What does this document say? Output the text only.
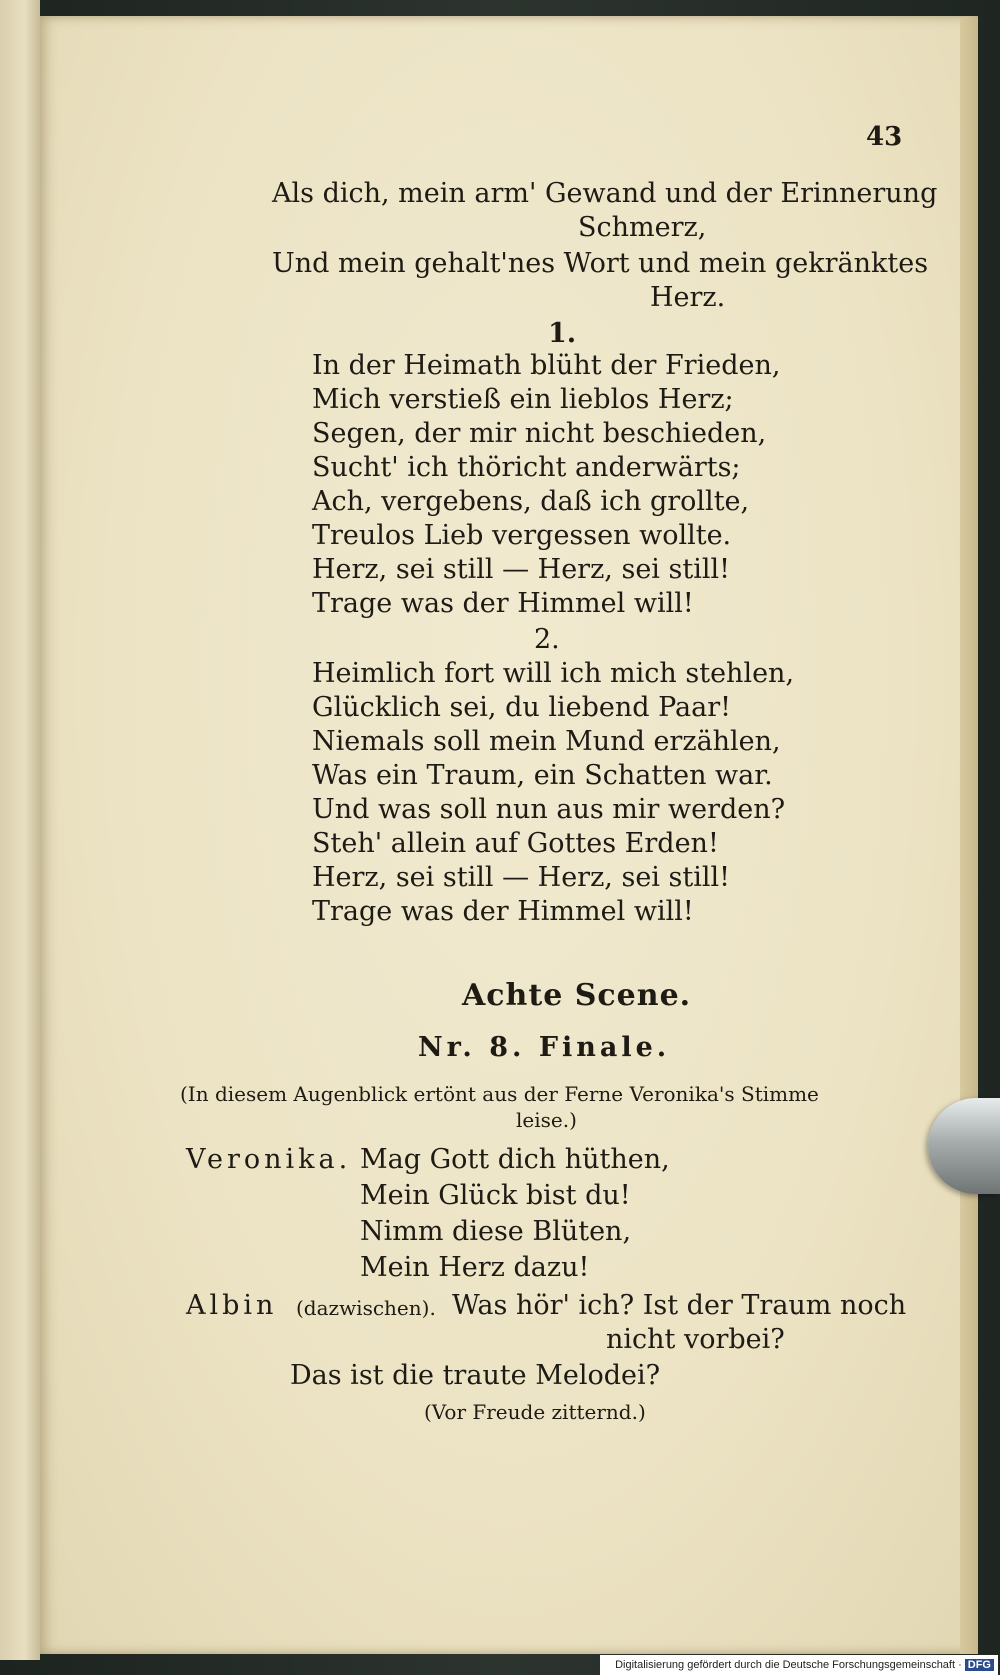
43
Als dich, mein arm' Gewand und der Erinnerung
Schmerz,
Und mein gehalt'nes Wort und mein gekränktes
Herz.
1.
In der Heimath blüht der Frieden,
Mich verstieß ein lieblos Herz;
Segen, der mir nicht beschieden,
Sucht' ich thöricht anderwärts;
Ach, vergebens, daß ich grollte,
Treulos Lieb vergessen wollte.
Herz, sei still — Herz, sei still!
Trage was der Himmel will!
2.
Heimlich fort will ich mich stehlen,
Glücklich sei, du liebend Paar!
Niemals soll mein Mund erzählen,
Was ein Traum, ein Schatten war.
Und was soll nun aus mir werden?
Steh' allein auf Gottes Erden!
Herz, sei still — Herz, sei still!
Trage was der Himmel will!
Achte Scene.
Nr. 8. Finale.
(In diesem Augenblick ertönt aus der Ferne Veronika's Stimme
leise.)
Veronika. Mag Gott dich hüthen,
Mein Glück bist du!
Nimm diese Blüten,
Mein Herz dazu!
Albin (dazwischen). Was hör' ich? Ist der Traum noch
nicht vorbei?
Das ist die traute Melodei?
(Vor Freude zitternd.)
Digitalisierung gefördert durch die Deutsche Forschungsgemeinschaft · DFG
